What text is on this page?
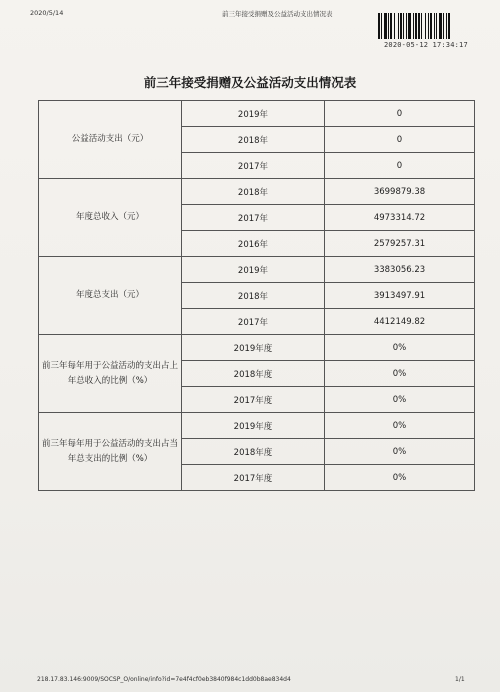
2020/5/14	前三年接受捐赠及公益活动支出情况表
2020-05-12 17:34:17
前三年接受捐赠及公益活动支出情况表
公益活动支出（元）	2019年	0
	2018年	0
	2017年	0
年度总收入（元）	2018年	3699879.38
	2017年	4973314.72
	2016年	2579257.31
年度总支出（元）	2019年	3383056.23
	2018年	3913497.91
	2017年	4412149.82
前三年每年用于公益活动的支出占上年总收入的比例（%）	2019年度	0%
	2018年度	0%
	2017年度	0%
前三年每年用于公益活动的支出占当年总支出的比例（%）	2019年度	0%
	2018年度	0%
	2017年度	0%
218.17.83.146:9009/SOCSP_O/online/info?id=7e4f4cf0eb3840f984c1dd0b8ae834d4	1/1
